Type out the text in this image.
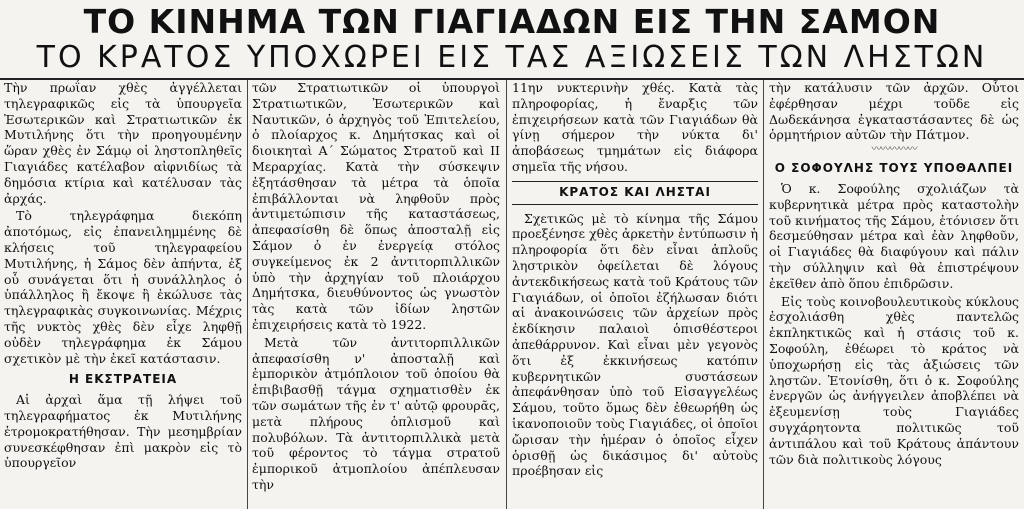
ΤΟ ΚΙΝΗΜΑ ΤΩΝ ΓΙΑΓΙΑΔΩΝ ΕΙΣ ΤΗΝ ΣΑΜΟΝ
ΤΟ ΚΡΑΤΟΣ ΥΠΟΧΩΡΕΙ ΕΙΣ ΤΑΣ ΑΞΙΩΣΕΙΣ ΤΩΝ ΛΗΣΤΩΝ

Τὴν πρωΐαν χθὲς ἀγγέλλεται τηλεγραφικῶς εἰς τὰ ὑπουργεῖα Ἐσωτερικῶν καὶ Στρατιωτικῶν ἐκ Μυτιλήνης ὅτι τὴν προηγουμένην ὥραν χθὲς ἐν Σάμῳ οἱ ληστοπληθεῖς Γιαγιάδες κατέλαβον αἰφνιδίως τὰ δημόσια κτίρια καὶ κατέλυσαν τὰς ἀρχάς.

Τὸ τηλεγράφημα διεκόπη ἀποτόμως, εἰς ἐπανειλημμένης δὲ κλήσεις τοῦ τηλεγραφείου Μυτιλήνης, ἡ Σάμος δὲν ἀπήντα, ἐξ οὗ συνάγεται ὅτι ἡ συνάλληλος ὁ ὑπάλληλος ἢ ἔκοψε ἢ ἐκώλυσε τὰς τηλεγραφικὰς συγκοινωνίας. Μέχρις τῆς νυκτὸς χθὲς δὲν εἶχε ληφθῇ οὐδὲν τηλεγράφημα ἐκ Σάμου σχετικὸν μὲ τὴν ἐκεῖ κατάστασιν.

Η ΕΚΣΤΡΑΤΕΙΑ

Αἱ ἀρχαὶ ἅμα τῇ λήψει τοῦ τηλεγραφήματος ἐκ Μυτιλήνης ἐτρομοκρατήθησαν. Τὴν μεσημβρίαν συνεσκέφθησαν ἐπὶ μακρὸν εἰς τὸ ὑπουργεῖον

τῶν Στρατιωτικῶν οἱ ὑπουργοὶ Στρατιωτικῶν, Ἐσωτερικῶν καὶ Ναυτικῶν, ὁ ἀρχηγὸς τοῦ Ἐπιτελείου, ὁ πλοίαρχος κ. Δημήτσκας καὶ οἱ διοικηταὶ Α΄ Σώματος Στρατοῦ καὶ ΙΙ Μεραρχίας. Κατὰ τὴν σύσκεψιν ἐξητάσθησαν τὰ μέτρα τὰ ὁποῖα ἐπιβάλλονται νὰ ληφθοῦν πρὸς ἀντιμετώπισιν τῆς καταστάσεως, ἀπεφασίσθη δὲ ὅπως ἀποσταλῇ εἰς Σάμον ὁ ἐν ἐνεργείᾳ στόλος συγκείμενος ἐκ 2 ἀντιτορπιλλικῶν ὑπὸ τὴν ἀρχηγίαν τοῦ πλοιάρχου Δημήτσκα, διευθύνοντος ὡς γνωστὸν τὰς κατὰ τῶν ἰδίων ληστῶν ἐπιχειρήσεις κατὰ τὸ 1922.

Μετὰ τῶν ἀντιτορπιλλικῶν ἀπεφασίσθη ν' ἀποσταλῇ καὶ ἐμπορικὸν ἀτμόπλοιον τοῦ ὁποίου θὰ ἐπιβιβασθῇ τάγμα σχηματισθὲν ἐκ τῶν σωμάτων τῆς ἐν τ' αὐτῷ φρουρᾶς, μετὰ πλήρους ὁπλισμοῦ καὶ πολυβόλων. Τὰ ἀντιτορπιλλικὰ μετὰ τοῦ φέροντος τὸ τάγμα στρατοῦ ἐμπορικοῦ ἀτμοπλοίου ἀπέπλευσαν τὴν

11ην νυκτερινὴν χθές. Κατὰ τὰς πληροφορίας, ἡ ἔναρξις τῶν ἐπιχειρήσεων κατὰ τῶν Γιαγιάδων θὰ γίνῃ σήμερον τὴν νύκτα δι' ἀποβάσεως τμημάτων εἰς διάφορα σημεῖα τῆς νήσου.

ΚΡΑΤΟΣ ΚΑΙ ΛΗΣΤΑΙ

Σχετικῶς μὲ τὸ κίνημα τῆς Σάμου προεξένησε χθὲς ἀρκετὴν ἐντύπωσιν ἡ πληροφορία ὅτι δὲν εἶναι ἁπλοῦς ληστρικὸν ὀφείλεται δὲ λόγους ἀντεκδικήσεως κατὰ τοῦ Κράτους τῶν Γιαγιάδων, οἱ ὁποῖοι ἐζήλωσαν διότι αἱ ἀνακοινώσεις τῶν ἀρχείων πρὸς ἐκδίκησιν παλαιοὶ ὁπισθέστεροι ἀπεθάρρυνον. Καὶ εἶναι μὲν γεγονὸς ὅτι ἐξ ἐκκινήσεως κατόπιν κυβερνητικῶν συστάσεων ἀπεφάνθησαν ὑπὸ τοῦ Εἰσαγγελέως Σάμου, τοῦτο ὅμως δὲν ἐθεωρήθη ὡς ἱκανοποιοῦν τοὺς Γιαγιάδες, οἱ ὁποῖοι ὤρισαν τὴν ἡμέραν ὁ ὁποῖος εἶχεν ὁρισθῇ ὡς δικάσιμος δι' αὐτοὺς προέβησαν εἰς

τὴν κατάλυσιν τῶν ἀρχῶν. Οὗτοι ἐφέρθησαν μέχρι τοῦδε εἰς Δωδεκάνησα ἐγκαταστάσαντες δὲ ὡς ὁρμητήριον αὐτῶν τὴν Πάτμον.

〰〰〰〰〰
Ο ΣΟΦΟΥΛΗΣ ΤΟΥΣ ΥΠΟΘΑΛΠΕΙ

Ὁ κ. Σοφούλης σχολιάζων τὰ κυβερνητικὰ μέτρα πρὸς καταστολὴν τοῦ κινήματος τῆς Σάμου, ἐτόνισεν ὅτι δεσμεύθησαν μέτρα καὶ ἐὰν ληφθοῦν, οἱ Γιαγιάδες θὰ διαφύγουν καὶ πάλιν τὴν σύλληψιν καὶ θὰ ἐπιστρέψουν ἐκεῖθεν ἀπὸ ὅπου ἐπιδρῶσιν.

Εἰς τοὺς κοινοβουλευτικοὺς κύκλους ἐσχολιάσθη χθὲς παντελῶς ἐκπληκτικῶς καὶ ἡ στάσις τοῦ κ. Σοφούλη, ἐθέωρει τὸ κράτος νὰ ὑποχωρήσῃ εἰς τὰς ἀξιώσεις τῶν ληστῶν. Ἐτονίσθη, ὅτι ὁ κ. Σοφούλης ἐνεργῶν ὡς ἀνήγγειλεν ἀποβλέπει νὰ ἐξευμενίσῃ τοὺς Γιαγιάδες συγχάρητοντα πολιτικῶς τοῦ ἀντιπάλου καὶ τοῦ Κράτους ἀπάντουν τῶν διὰ πολιτικοὺς λόγους
